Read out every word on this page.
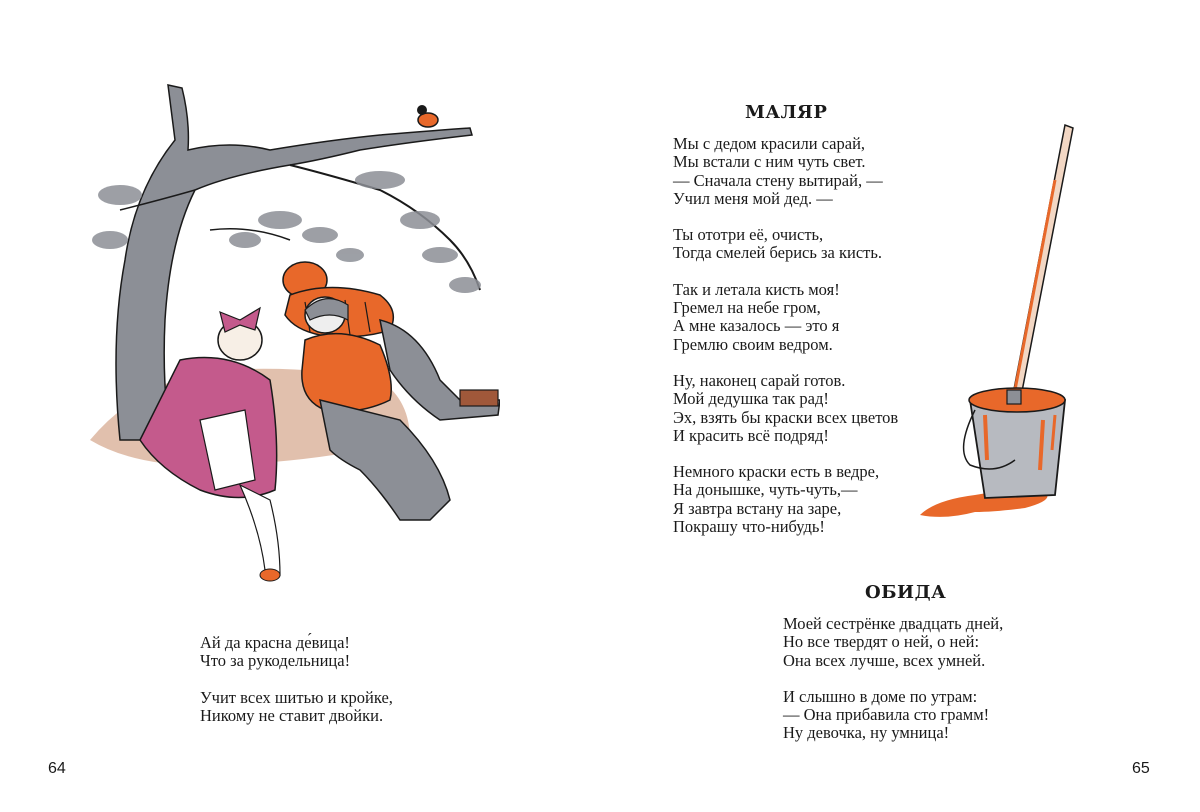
Ай да красна де́вица!
Что за рукодельница!
Учит всех шитью и кройке,
Никому не ставит двойки.
64
МАЛЯР
Мы с дедом красили сарай,
Мы встали с ним чуть свет.
— Сначала стену вытирай, —
Учил меня мой дед. —
Ты ототри её, очисть,
Тогда смелей берись за кисть.
Так и летала кисть моя!
Гремел на небе гром,
А мне казалось — это я
Гремлю своим ведром.
Ну, наконец сарай готов.
Мой дедушка так рад!
Эх, взять бы краски всех цветов
И красить всё подряд!
Немного краски есть в ведре,
На донышке, чуть-чуть,—
Я завтра встану на заре,
Покрашу что-нибудь!
ОБИДА
Моей сестрёнке двадцать дней,
Но все твердят о ней, о ней:
Она всех лучше, всех умней.
И слышно в доме по утрам:
— Она прибавила сто грамм!
Ну девочка, ну умница!
65
